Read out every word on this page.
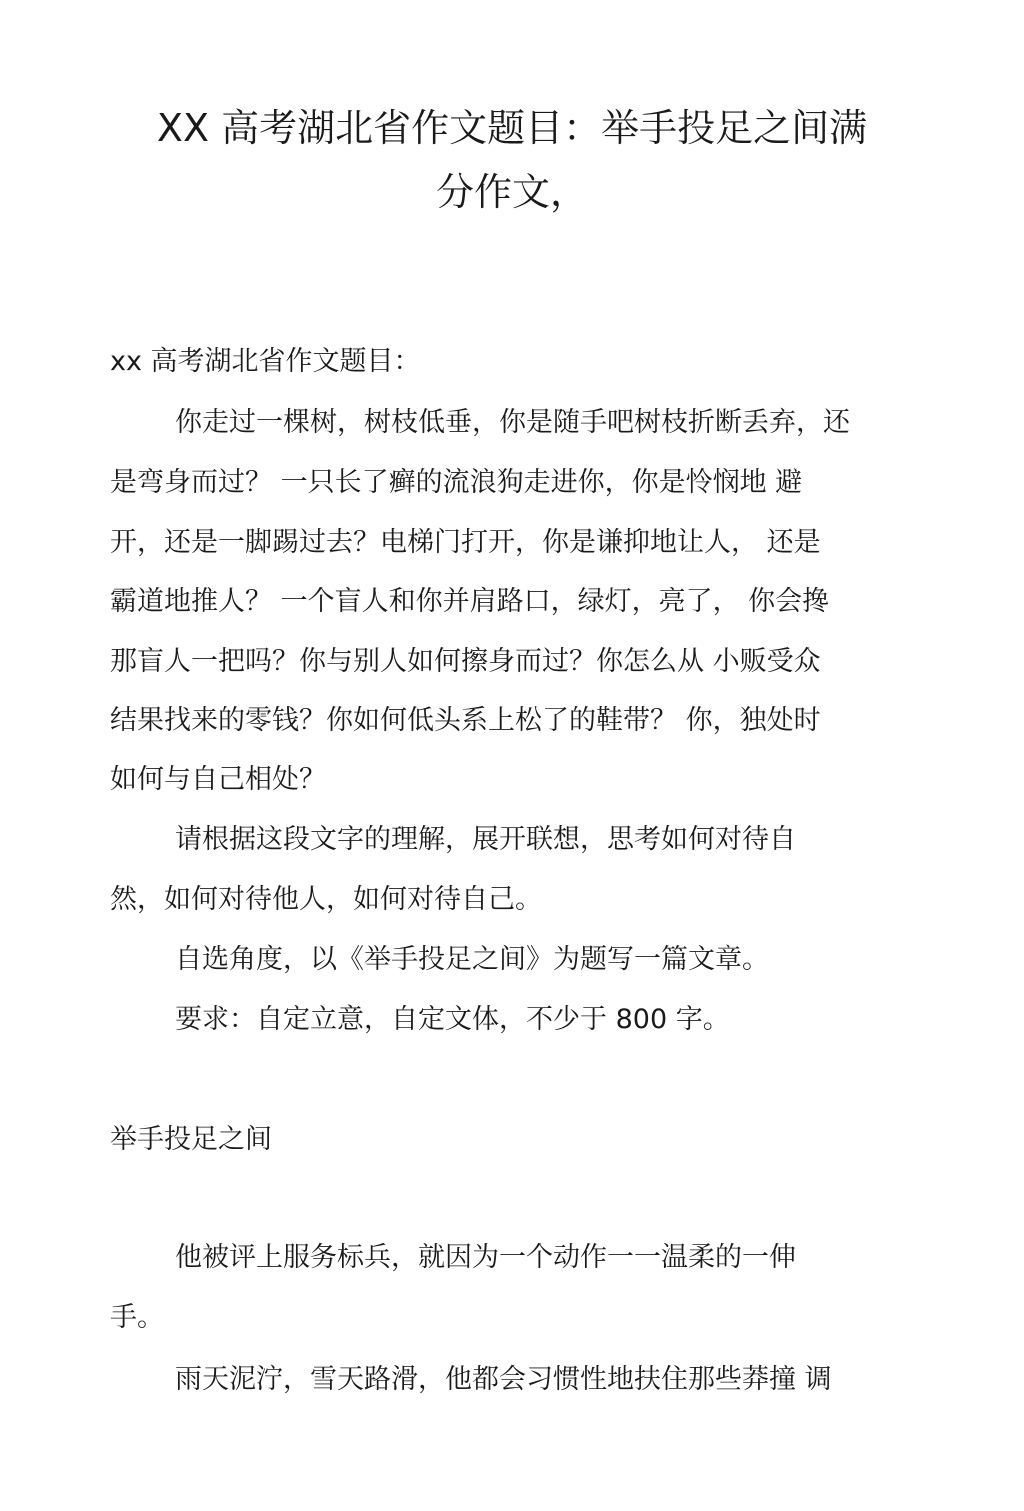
XX 高考湖北省作文题目：举手投足之间满
分作文，
xx 高考湖北省作文题目：
你走过一棵树，树枝低垂，你是随手吧树枝折断丢弃，还
是弯身而过？ 一只长了癣的流浪狗走进你，你是怜悯地 避
开，还是一脚踢过去？电梯门打开，你是谦抑地让人， 还是
霸道地推人？ 一个盲人和你并肩路口，绿灯，亮了， 你会搀
那盲人一把吗？你与别人如何擦身而过？你怎么从 小贩受众
结果找来的零钱？你如何低头系上松了的鞋带？ 你，独处时
如何与自己相处？
请根据这段文字的理解，展开联想，思考如何对待自
然，如何对待他人，如何对待自己。
自选角度，以《举手投足之间》为题写一篇文章。
要求：自定立意，自定文体，不少于 800 字。
举手投足之间
他被评上服务标兵，就因为一个动作一一温柔的一伸
手。
雨天泥泞，雪天路滑，他都会习惯性地扶住那些莽撞 调
